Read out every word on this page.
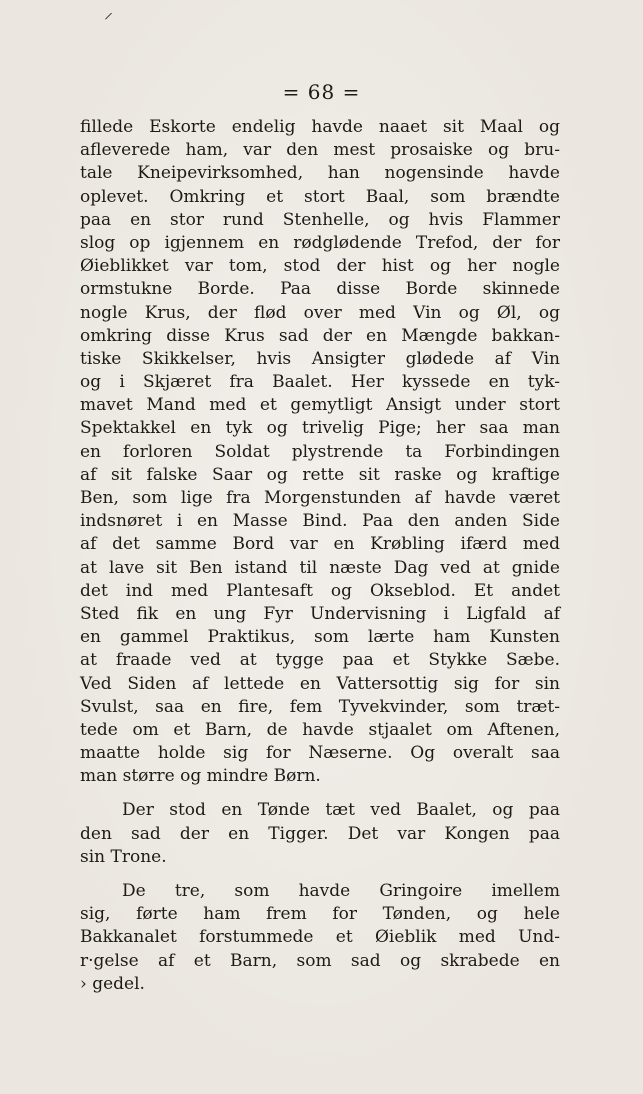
⸝
= 68 =
fillede Eskorte endelig havde naaet sit Maal og
afleverede ham, var den mest prosaiske og bru-
tale Kneipevirksomhed, han nogensinde havde
oplevet. Omkring et stort Baal, som brændte
paa en stor rund Stenhelle, og hvis Flammer
slog op igjennem en rødglødende Trefod, der for
Øieblikket var tom, stod der hist og her nogle
ormstukne Borde. Paa disse Borde skinnede
nogle Krus, der flød over med Vin og Øl, og
omkring disse Krus sad der en Mængde bakkan-
tiske Skikkelser, hvis Ansigter glødede af Vin
og i Skjæret fra Baalet. Her kyssede en tyk-
mavet Mand med et gemytligt Ansigt under stort
Spektakkel en tyk og trivelig Pige; her saa man
en forloren Soldat plystrende ta Forbindingen
af sit falske Saar og rette sit raske og kraftige
Ben, som lige fra Morgenstunden af havde været
indsnøret i en Masse Bind. Paa den anden Side
af det samme Bord var en Krøbling ifærd med
at lave sit Ben istand til næste Dag ved at gnide
det ind med Plantesaft og Okseblod. Et andet
Sted fik en ung Fyr Undervisning i Ligfald af
en gammel Praktikus, som lærte ham Kunsten
at fraade ved at tygge paa et Stykke Sæbe.
Ved Siden af lettede en Vattersottig sig for sin
Svulst, saa en fire, fem Tyvekvinder, som træt-
tede om et Barn, de havde stjaalet om Aftenen,
maatte holde sig for Næserne. Og overalt saa
man større og mindre Børn.
Der stod en Tønde tæt ved Baalet, og paa
den sad der en Tigger. Det var Kongen paa
sin Trone.
De tre, som havde Gringoire imellem
sig, førte ham frem for Tønden, og hele
Bakkanalet forstummede et Øieblik med Und-
r·gelse af et Barn, som sad og skrabede en
› gedel.
